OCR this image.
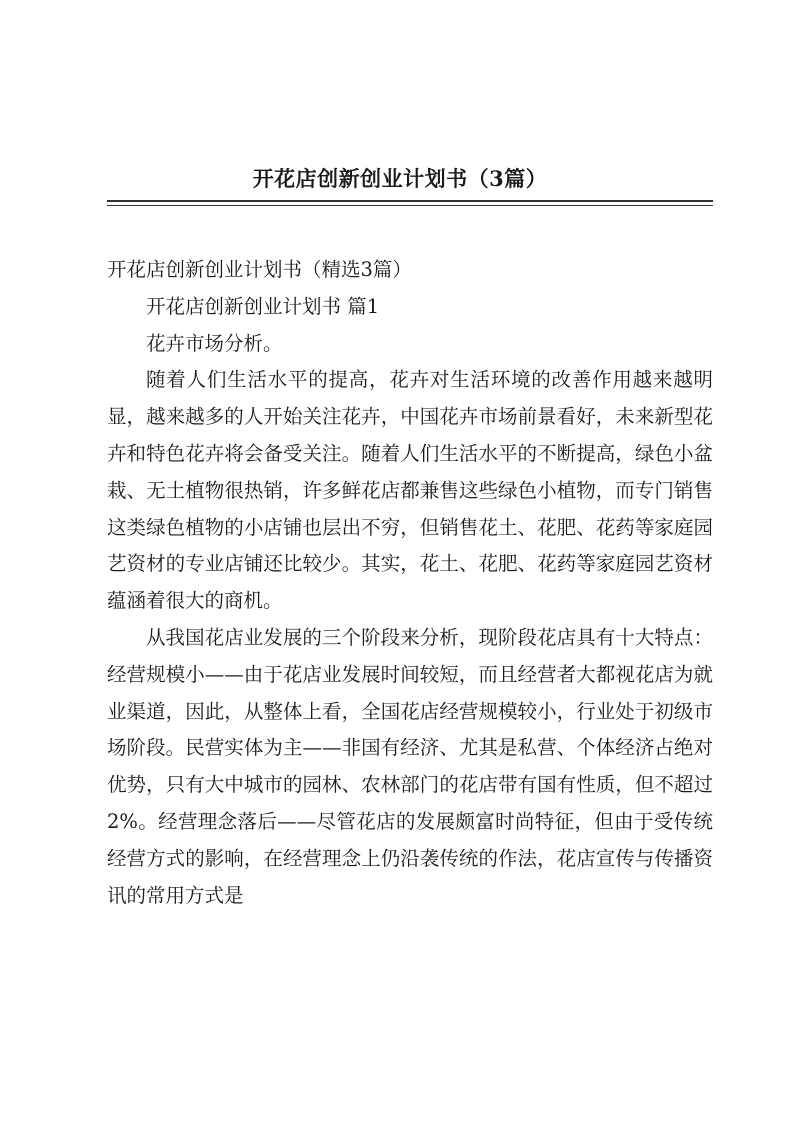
开花店创新创业计划书（3篇）

开花店创新创业计划书（精选3篇）

开花店创新创业计划书 篇1

花卉市场分析。

随着人们生活水平的提高，花卉对生活环境的改善作用越来越明显，越来越多的人开始关注花卉，中国花卉市场前景看好，未来新型花卉和特色花卉将会备受关注。随着人们生活水平的不断提高，绿色小盆栽、无土植物很热销，许多鲜花店都兼售这些绿色小植物，而专门销售这类绿色植物的小店铺也层出不穷，但销售花土、花肥、花药等家庭园艺资材的专业店铺还比较少。其实，花土、花肥、花药等家庭园艺资材蕴涵着很大的商机。

从我国花店业发展的三个阶段来分析，现阶段花店具有十大特点：经营规模小——由于花店业发展时间较短，而且经营者大都视花店为就业渠道，因此，从整体上看，全国花店经营规模较小，行业处于初级市场阶段。民营实体为主——非国有经济、尤其是私营、个体经济占绝对优势，只有大中城市的园林、农林部门的花店带有国有性质，但不超过2%。经营理念落后——尽管花店的发展颇富时尚特征，但由于受传统经营方式的影响，在经营理念上仍沿袭传统的作法，花店宣传与传播资讯的常用方式是
